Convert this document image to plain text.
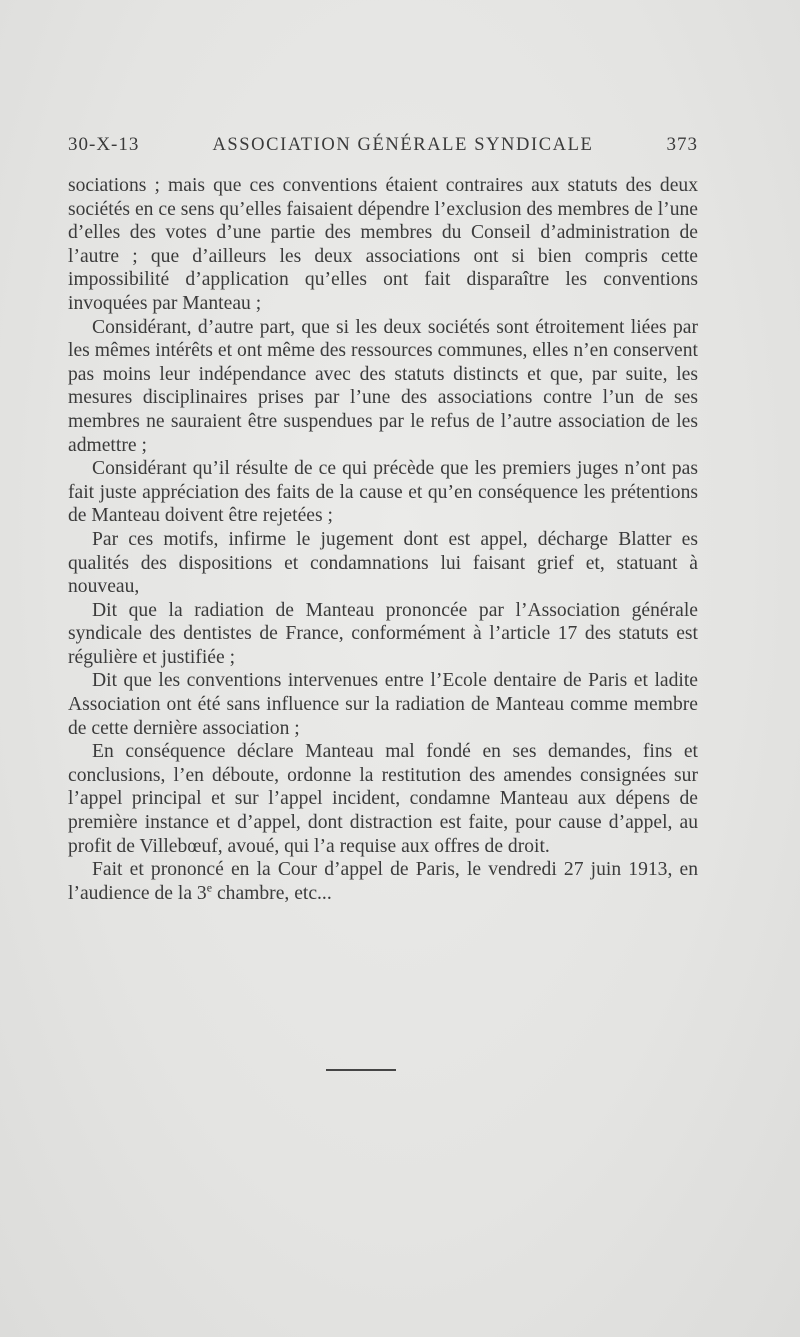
30-X-13	ASSOCIATION GÉNÉRALE SYNDICALE	373

sociations ; mais que ces conventions étaient contraires aux statuts des deux sociétés en ce sens qu’elles faisaient dépendre l’exclusion des membres de l’une d’elles des votes d’une partie des membres du Conseil d’administration de l’autre ; que d’ailleurs les deux associations ont si bien compris cette impossibilité d’application qu’elles ont fait disparaître les conventions invoquées par Manteau ;

Considérant, d’autre part, que si les deux sociétés sont étroitement liées par les mêmes intérêts et ont même des ressources communes, elles n’en conservent pas moins leur indépendance avec des statuts distincts et que, par suite, les mesures disciplinaires prises par l’une des associations contre l’un de ses membres ne sauraient être suspendues par le refus de l’autre association de les admettre ;

Considérant qu’il résulte de ce qui précède que les premiers juges n’ont pas fait juste appréciation des faits de la cause et qu’en conséquence les prétentions de Manteau doivent être rejetées ;

Par ces motifs, infirme le jugement dont est appel, décharge Blatter es qualités des dispositions et condamnations lui faisant grief et, statuant à nouveau,

Dit que la radiation de Manteau prononcée par l’Association générale syndicale des dentistes de France, conformément à l’article 17 des statuts est régulière et justifiée ;

Dit que les conventions intervenues entre l’Ecole dentaire de Paris et ladite Association ont été sans influence sur la radiation de Manteau comme membre de cette dernière association ;

En conséquence déclare Manteau mal fondé en ses demandes, fins et conclusions, l’en déboute, ordonne la restitution des amendes consignées sur l’appel principal et sur l’appel incident, condamne Manteau aux dépens de première instance et d’appel, dont distraction est faite, pour cause d’appel, au profit de Villebœuf, avoué, qui l’a requise aux offres de droit.

Fait et prononcé en la Cour d’appel de Paris, le vendredi 27 juin 1913, en l’audience de la 3e chambre, etc...
